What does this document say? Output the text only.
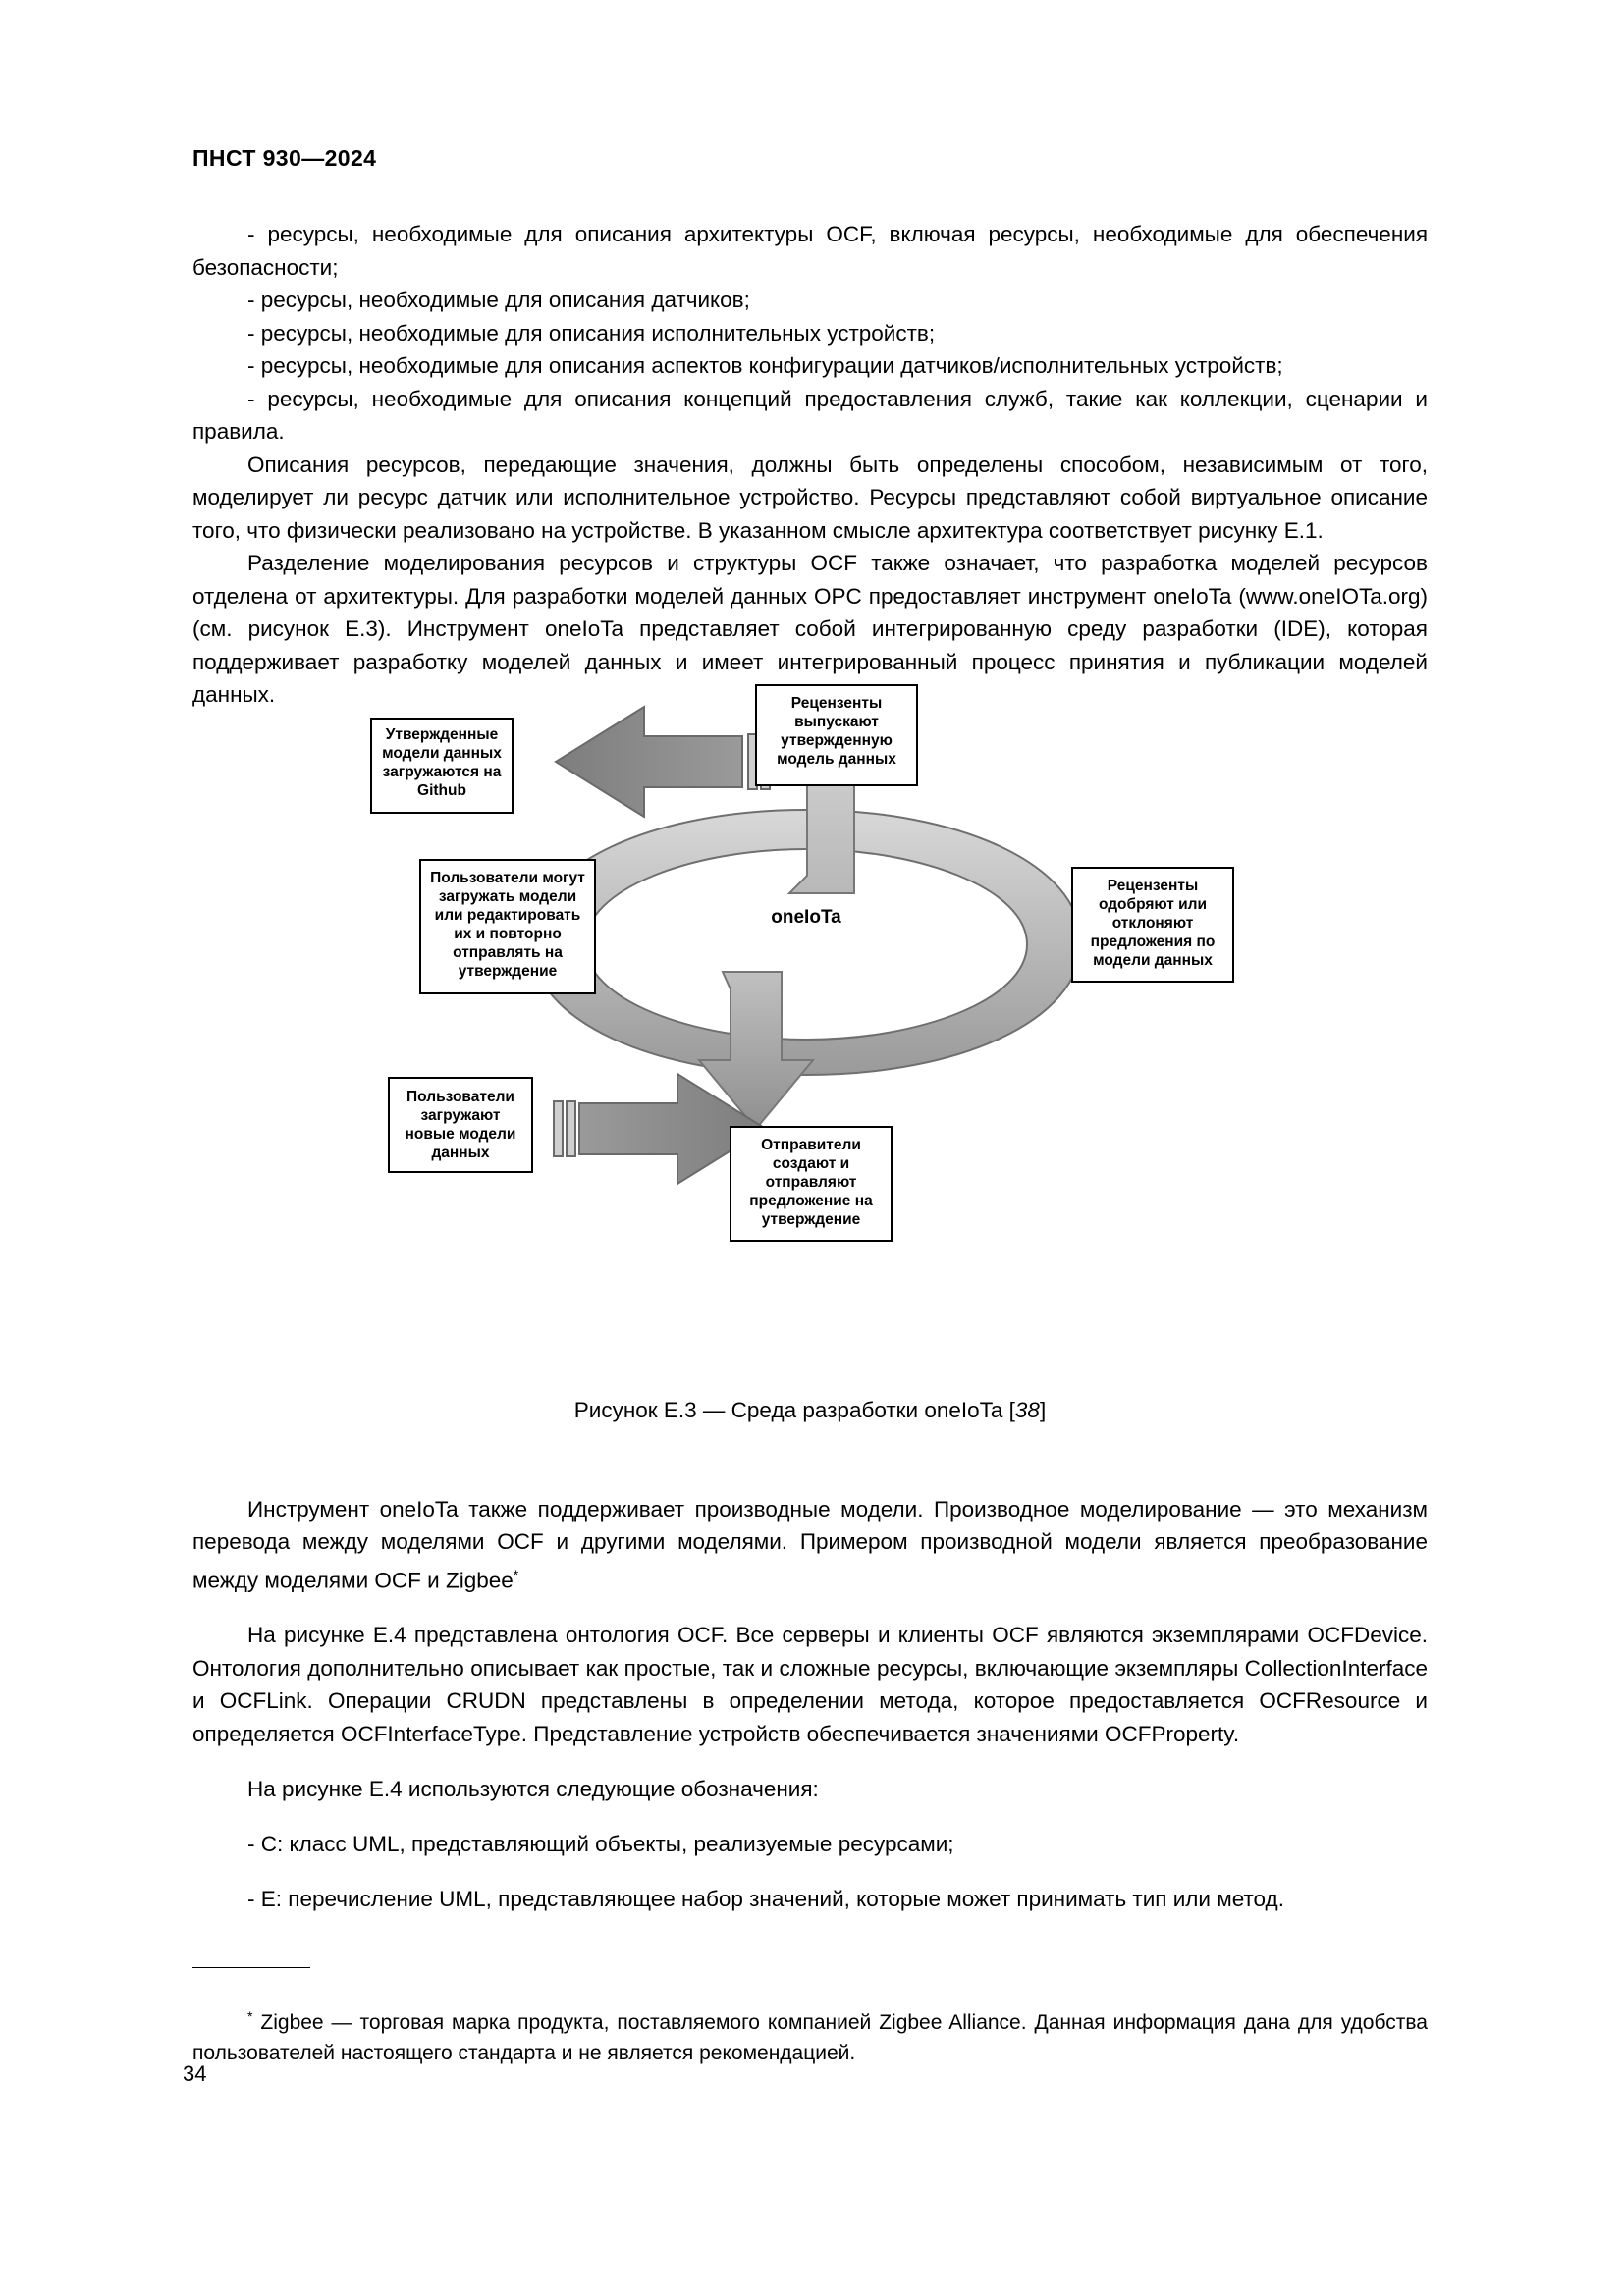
ПНСТ 930—2024

- ресурсы, необходимые для описания архитектуры OCF, включая ресурсы, необходимые для обеспечения безопасности;

- ресурсы, необходимые для описания датчиков;

- ресурсы, необходимые для описания исполнительных устройств;

- ресурсы, необходимые для описания аспектов конфигурации датчиков/исполнительных устройств;

- ресурсы, необходимые для описания концепций предоставления служб, такие как коллекции, сценарии и правила.

Описания ресурсов, передающие значения, должны быть определены способом, независимым от того, моделирует ли ресурс датчик или исполнительное устройство. Ресурсы представляют собой виртуальное описание того, что физически реализовано на устройстве. В указанном смысле архитектура соответствует рисунку Е.1.

Разделение моделирования ресурсов и структуры OCF также означает, что разработка моделей ресурсов отделена от архитектуры. Для разработки моделей данных OPC предоставляет инструмент oneIoTa (www.oneIOTa.org) (см. рисунок Е.3). Инструмент oneIoTa представляет собой интегрированную среду разработки (IDE), которая поддерживает разработку моделей данных и имеет интегрированный процесс принятия и публикации моделей данных.

oneIoTa
Утвержденные
модели данных
загружаются на
Github
Рецензенты
выпускают
утвержденную
модель данных
Пользователи могут
загружать модели
или редактировать
их и повторно
отправлять на
утверждение
Рецензенты
одобряют или
отклоняют
предложения по
модели данных
Пользователи
загружают
новые модели
данных	Отправители
создают и
отправляют
предложение на
утверждение
Рисунок Е.3 — Среда разработки oneIoTa [38]

Инструмент oneIoTa также поддерживает производные модели. Производное моделирование — это механизм перевода между моделями OCF и другими моделями. Примером производной модели является преобразование между моделями OCF и Zigbee*

На рисунке Е.4 представлена онтология OCF. Все серверы и клиенты OCF являются экземплярами OCFDevice. Онтология дополнительно описывает как простые, так и сложные ресурсы, включающие экземпляры CollectionInterface и OCFLink. Операции CRUDN представлены в определении метода, которое предоставляется OCFResource и определяется OCFInterfaceType. Представление устройств обеспечивается значениями OCFProperty.

На рисунке Е.4 используются следующие обозначения:

- C: класс UML, представляющий объекты, реализуемые ресурсами;

- E: перечисление UML, представляющее набор значений, которые может принимать тип или метод.

* Zigbee — торговая марка продукта, поставляемого компанией Zigbee Alliance. Данная информация дана для удобства пользователей настоящего стандарта и не является рекомендацией.

34
